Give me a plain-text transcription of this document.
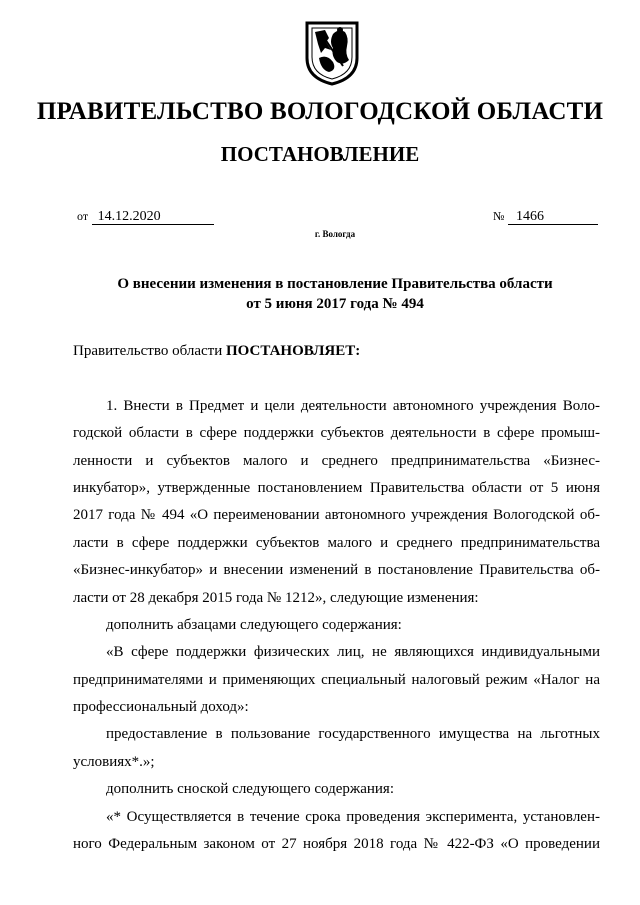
ПРАВИТЕЛЬСТВО ВОЛОГОДСКОЙ ОБЛАСТИ
ПОСТАНОВЛЕНИЕ
от 14.12.2020	№ 1466
г. Вологда
О внесении изменения в постановление Правительства области
от 5 июня 2017 года № 494
Правительство области ПОСТАНОВЛЯЕТ:
1. Внести в Предмет и цели деятельности автономного учреждения Воло-
годской области в сфере поддержки субъектов деятельности в сфере промыш-
ленности и субъектов малого и среднего предпринимательства «Бизнес-
инкубатор», утвержденные постановлением Правительства области от 5 июня
2017 года № 494 «О переименовании автономного учреждения Вологодской об-
ласти в сфере поддержки субъектов малого и среднего предпринимательства
«Бизнес-инкубатор» и внесении изменений в постановление Правительства об-
ласти от 28 декабря 2015 года № 1212», следующие изменения:
дополнить абзацами следующего содержания:
«В сфере поддержки физических лиц, не являющихся индивидуальными
предпринимателями и применяющих специальный налоговый режим «Налог на
профессиональный доход»:
предоставление в пользование государственного имущества на льготных
условиях*.»;
дополнить сноской следующего содержания:
«* Осуществляется в течение срока проведения эксперимента, установлен-
ного Федеральным законом от 27 ноября 2018 года № 422-ФЗ «О проведении
